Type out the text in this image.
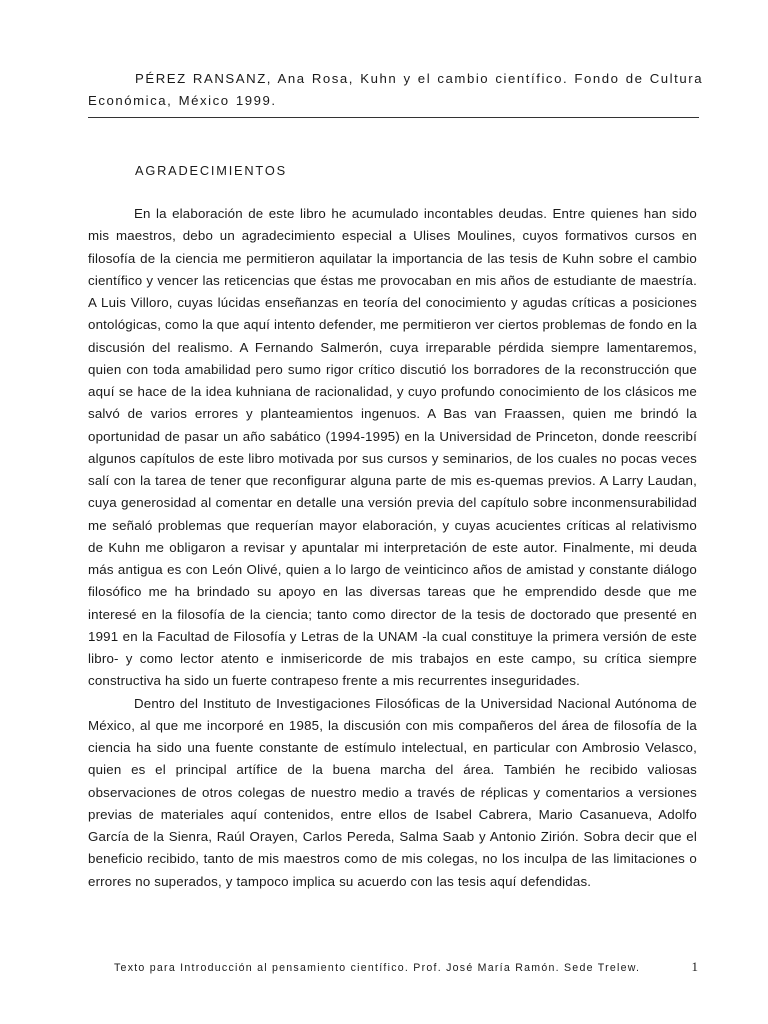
PÉREZ RANSANZ, Ana Rosa, Kuhn y el cambio científico. Fondo de Cultura
Económica, México 1999.
AGRADECIMIENTOS

En la elaboración de este libro he acumulado incontables deudas. Entre quienes han sido mis maestros, debo un agradecimiento especial a Ulises Moulines, cuyos formativos cursos en filosofía de la ciencia me permitieron aquilatar la importancia de las tesis de Kuhn sobre el cambio científico y vencer las reticencias que éstas me provocaban en mis años de estudiante de maestría. A Luis Villoro, cuyas lúcidas enseñanzas en teoría del conocimiento y agudas críticas a posiciones ontológicas, como la que aquí intento defender, me permitieron ver ciertos problemas de fondo en la discusión del realismo. A Fernando Salmerón, cuya irreparable pérdida siempre lamentaremos, quien con toda amabilidad pero sumo rigor crítico discutió los borradores de la reconstrucción que aquí se hace de la idea kuhniana de racionalidad, y cuyo profundo conocimiento de los clásicos me salvó de varios errores y planteamientos ingenuos. A Bas van Fraassen, quien me brindó la oportunidad de pasar un año sabático (1994-1995) en la Universidad de Princeton, donde reescribí algunos capítulos de este libro motivada por sus cursos y seminarios, de los cuales no pocas veces salí con la tarea de tener que reconfigurar alguna parte de mis es-quemas previos. A Larry Laudan, cuya generosidad al comentar en detalle una versión previa del capítulo sobre inconmensurabilidad me señaló problemas que requerían mayor elaboración, y cuyas acucientes críticas al relativismo de Kuhn me obligaron a revisar y apuntalar mi interpretación de este autor. Finalmente, mi deuda más antigua es con León Olivé, quien a lo largo de veinticinco años de amistad y constante diálogo filosófico me ha brindado su apoyo en las diversas tareas que he emprendido desde que me interesé en la filosofía de la ciencia; tanto como director de la tesis de doctorado que presenté en 1991 en la Facultad de Filosofía y Letras de la UNAM -la cual constituye la primera versión de este libro- y como lector atento e inmisericorde de mis trabajos en este campo, su crítica siempre constructiva ha sido un fuerte contrapeso frente a mis recurrentes inseguridades.

Dentro del Instituto de Investigaciones Filosóficas de la Universidad Nacional Autónoma de México, al que me incorporé en 1985, la discusión con mis compañeros del área de filosofía de la ciencia ha sido una fuente constante de estímulo intelectual, en particular con Ambrosio Velasco, quien es el principal artífice de la buena marcha del área. También he recibido valiosas observaciones de otros colegas de nuestro medio a través de réplicas y comentarios a versiones previas de materiales aquí contenidos, entre ellos de Isabel Cabrera, Mario Casanueva, Adolfo García de la Sienra, Raúl Orayen, Carlos Pereda, Salma Saab y Antonio Zirión. Sobra decir que el beneficio recibido, tanto de mis maestros como de mis colegas, no los inculpa de las limitaciones o errores no superados, y tampoco implica su acuerdo con las tesis aquí defendidas.

Texto para Introducción al pensamiento científico. Prof. José María Ramón. Sede Trelew.	1
